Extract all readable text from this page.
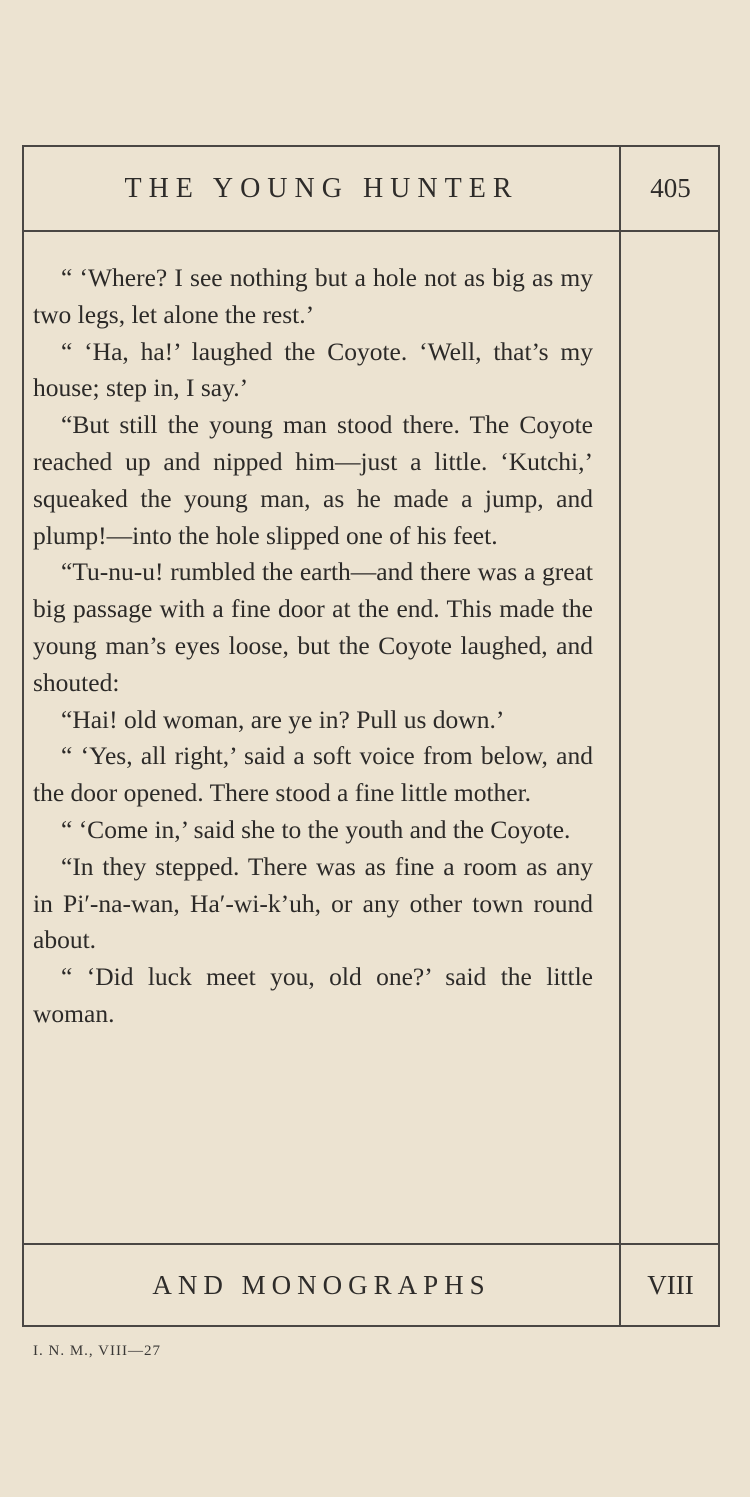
THE YOUNG HUNTER	405

“ ‘Where? I see nothing but a hole not as big as my two legs, let alone the rest.’

“ ‘Ha, ha!’ laughed the Coyote. ‘Well, that’s my house; step in, I say.’

“But still the young man stood there. The Coyote reached up and nipped him—just a little. ‘Kutchi,’ squeaked the young man, as he made a jump, and plump!—into the hole slipped one of his feet.

“Tu-nu-u! rumbled the earth—and there was a great big passage with a fine door at the end. This made the young man’s eyes loose, but the Coyote laughed, and shouted:

“Hai! old woman, are ye in? Pull us down.’

“ ‘Yes, all right,’ said a soft voice from below, and the door opened. There stood a fine little mother.

“ ‘Come in,’ said she to the youth and the Coyote.

“In they stepped. There was as fine a room as any in Pi′-na-wan, Ha′-wi-k’uh, or any other town round about.

“ ‘Did luck meet you, old one?’ said the little woman.

AND MONOGRAPHS	VIII
I. N. M., VIII—27
